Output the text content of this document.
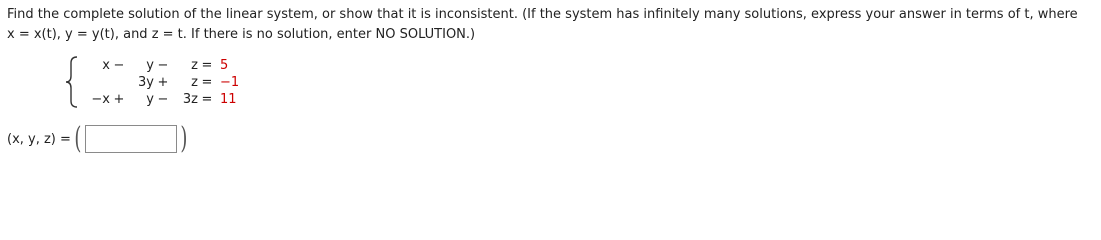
Find the complete solution of the linear system, or show that it is inconsistent. (If the system has infinitely many solutions, express your answer in terms of t, where
x = x(t), y = y(t), and z = t. If there is no solution, enter NO SOLUTION.)
x	−	y	−	z	=	5
		3y	+	z	=	−1
−x	+	y	−	3z	=	11
(x, y, z) = (	)
